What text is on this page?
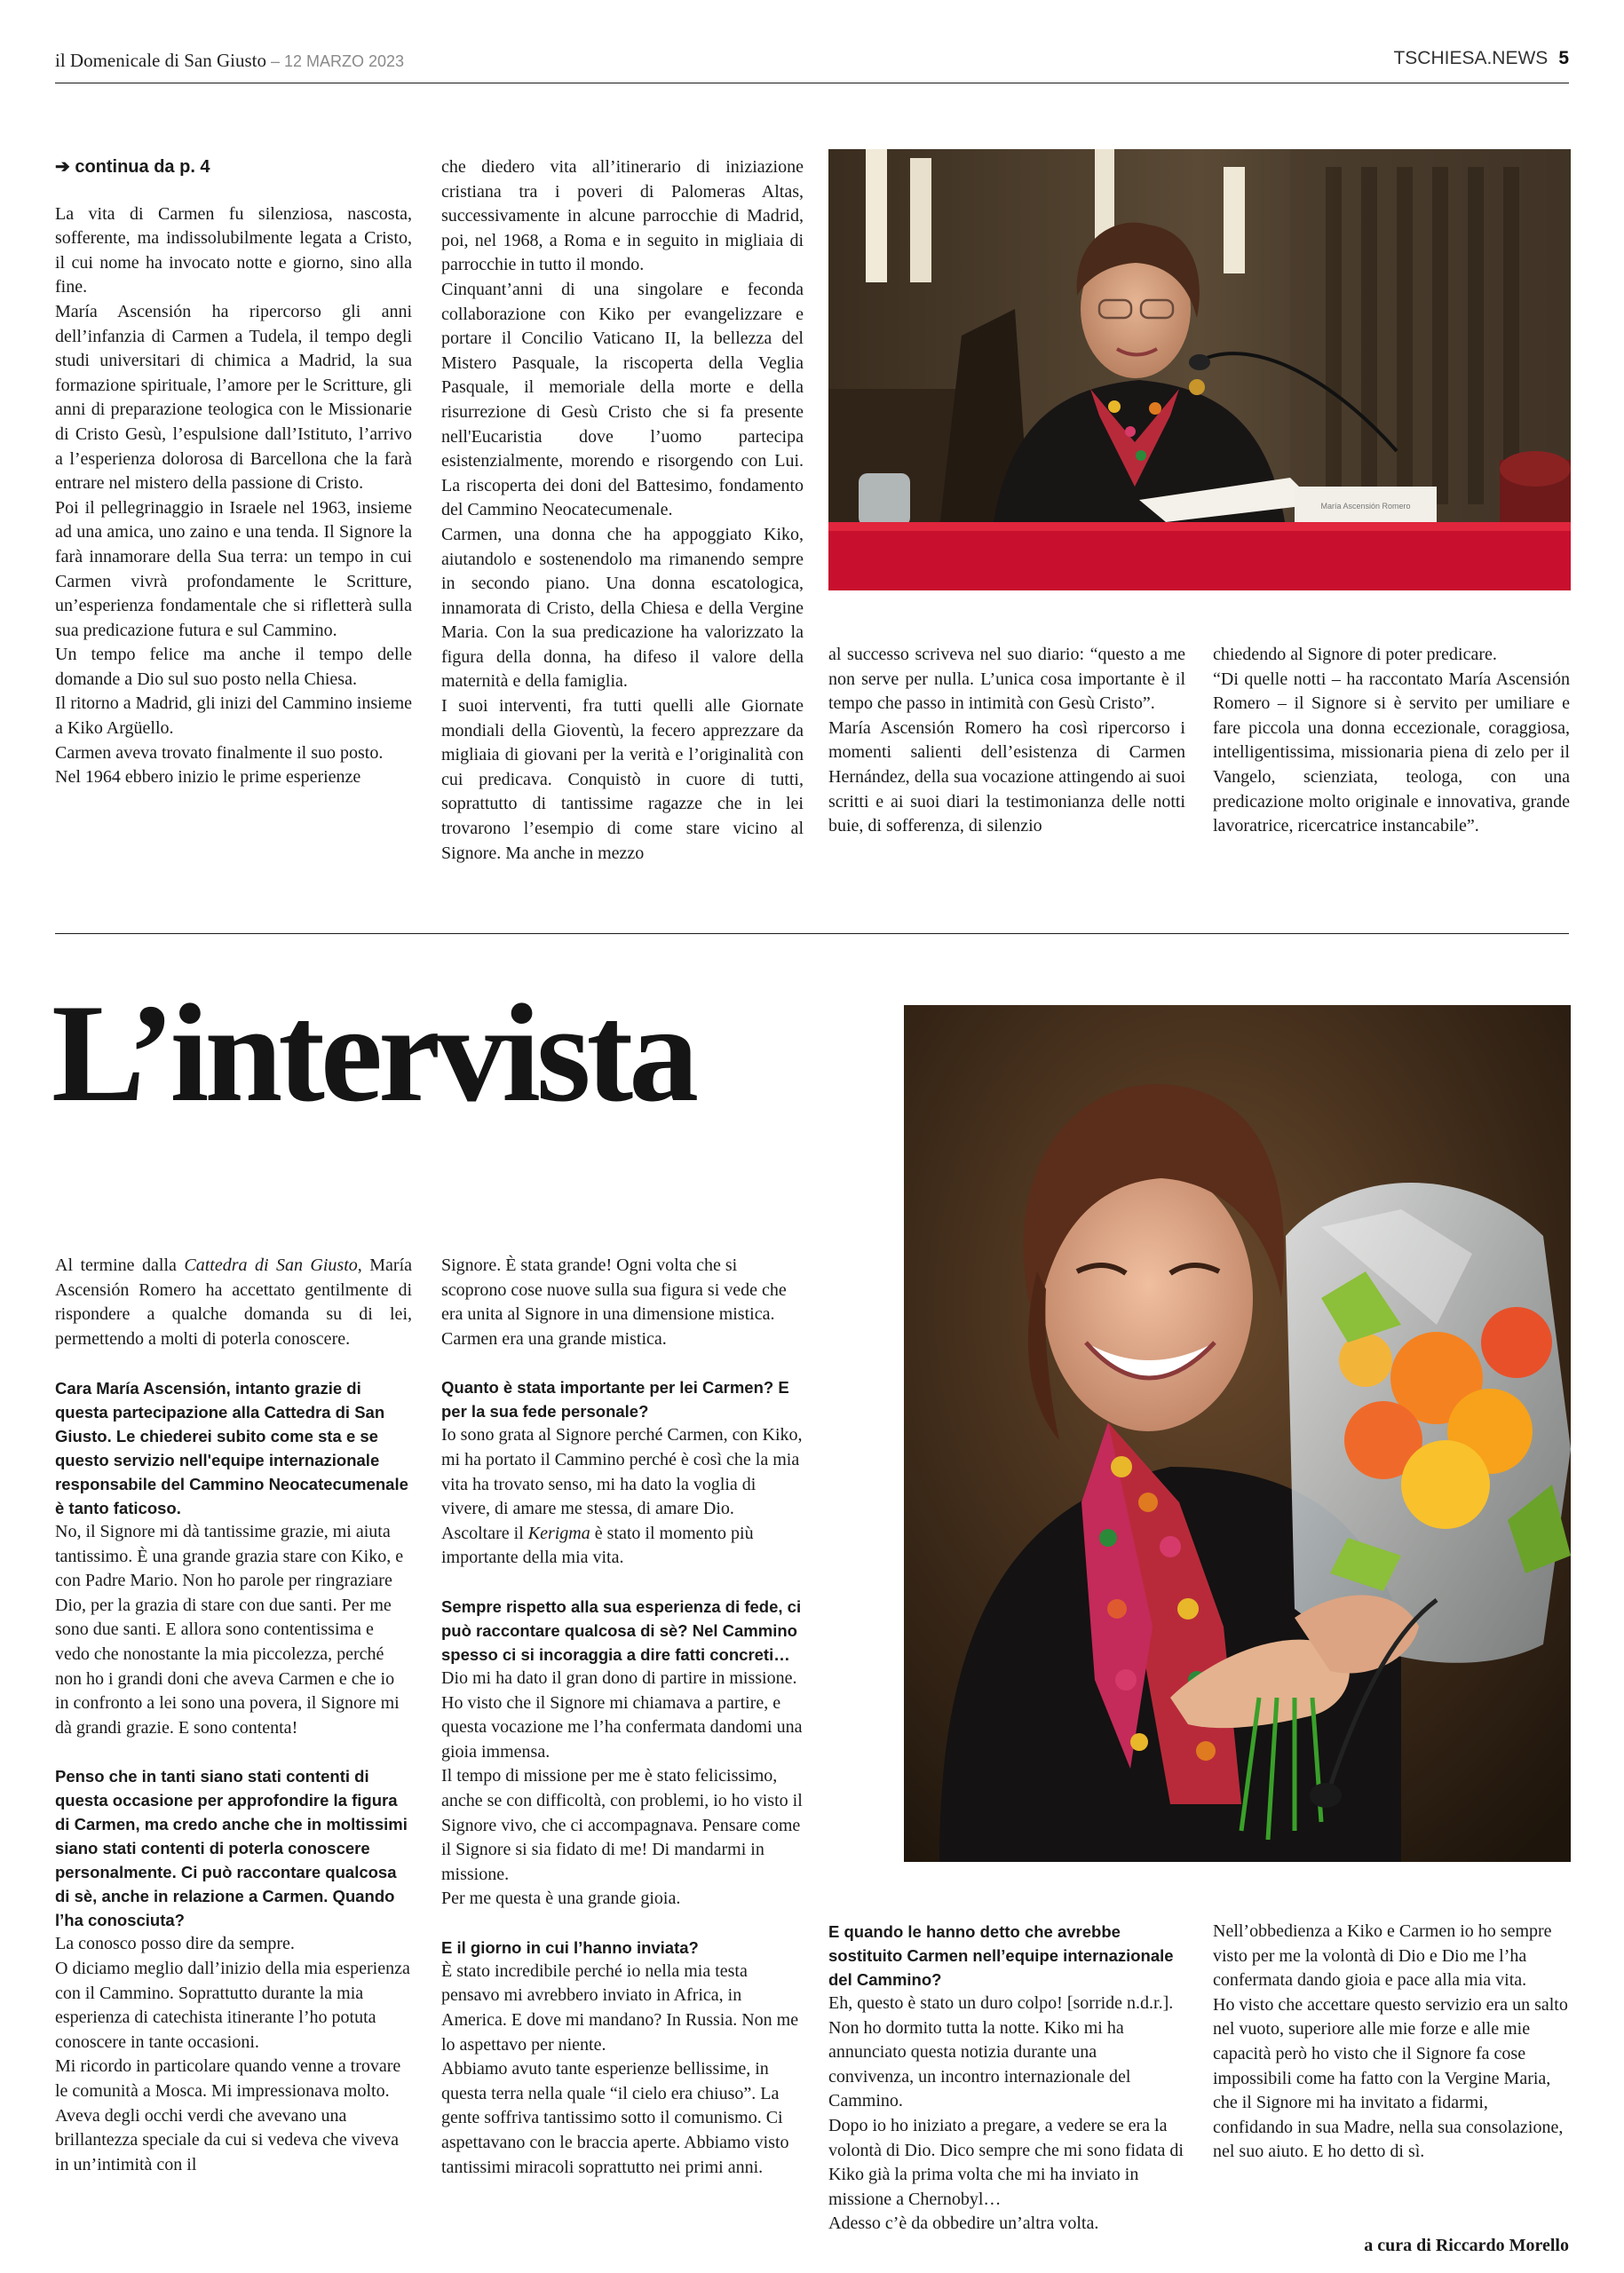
il Domenicale di San Giusto – 12 MARZO 2023	TSCHIESA.NEWS 5

➔ continua da p. 4

La vita di Carmen fu silenziosa, nascosta, sofferente, ma indissolubilmente legata a Cristo, il cui nome ha invocato notte e giorno, sino alla fine.

María Ascensión ha ripercorso gli anni dell’infanzia di Carmen a Tudela, il tempo degli studi universitari di chimica a Madrid, la sua formazione spirituale, l’amore per le Scritture, gli anni di preparazione teologica con le Missionarie di Cristo Gesù, l’espulsione dall’Istituto, l’arrivo a l’esperienza dolorosa di Barcellona che la farà entrare nel mistero della passione di Cristo.

Poi il pellegrinaggio in Israele nel 1963, insieme ad una amica, uno zaino e una tenda. Il Signore la farà innamorare della Sua terra: un tempo in cui Carmen vivrà profondamente le Scritture, un’esperienza fondamentale che si rifletterà sulla sua predicazione futura e sul Cammino.

Un tempo felice ma anche il tempo delle domande a Dio sul suo posto nella Chiesa.

Il ritorno a Madrid, gli inizi del Cammino insieme a Kiko Argüello.

Carmen aveva trovato finalmente il suo posto.

Nel 1964 ebbero inizio le prime esperienze

che diedero vita all’itinerario di iniziazione cristiana tra i poveri di Palomeras Altas, successivamente in alcune parrocchie di Madrid, poi, nel 1968, a Roma e in seguito in migliaia di parrocchie in tutto il mondo.

Cinquant’anni di una singolare e feconda collaborazione con Kiko per evangelizzare e portare il Concilio Vaticano II, la bellezza del Mistero Pasquale, la riscoperta della Veglia Pasquale, il memoriale della morte e della risurrezione di Gesù Cristo che si fa presente nell'Eucaristia dove l’uomo partecipa esistenzialmente, morendo e risorgendo con Lui. La riscoperta dei doni del Battesimo, fondamento del Cammino Neocatecumenale.

Carmen, una donna che ha appoggiato Kiko, aiutandolo e sostenendolo ma rimanendo sempre in secondo piano. Una donna escatologica, innamorata di Cristo, della Chiesa e della Vergine Maria. Con la sua predicazione ha valorizzato la figura della donna, ha difeso il valore della maternità e della famiglia.

I suoi interventi, fra tutti quelli alle Giornate mondiali della Gioventù, la fecero apprezzare da migliaia di giovani per la verità e l’originalità con cui predicava. Conquistò in cuore di tutti, soprattutto di tantissime ragazze che in lei trovarono l’esempio di come stare vicino al Signore. Ma anche in mezzo

María Ascensión Romero

al successo scriveva nel suo diario: “questo a me non serve per nulla. L’unica cosa importante è il tempo che passo in intimità con Gesù Cristo”.

María Ascensión Romero ha così ripercorso i momenti salienti dell’esistenza di Carmen Hernández, della sua vocazione attingendo ai suoi scritti e ai suoi diari la testimonianza delle notti buie, di sofferenza, di silenzio

chiedendo al Signore di poter predicare.

“Di quelle notti – ha raccontato María Ascensión Romero – il Signore si è servito per umiliare e fare piccola una donna eccezionale, coraggiosa, intelligentissima, missionaria piena di zelo per il Vangelo, scienziata, teologa, con una predicazione molto originale e innovativa, grande lavoratrice, ricercatrice instancabile”.

L’intervista
Al termine dalla Cattedra di San Giusto, María Ascensión Romero ha accettato gentilmente di rispondere a qualche domanda su di lei, permettendo a molti di poterla conoscere.

Cara María Ascensión, intanto grazie di questa partecipazione alla Cattedra di San Giusto. Le chiederei subito come sta e se questo servizio nell'equipe internazionale responsabile del Cammino Neocatecumenale è tanto faticoso.

No, il Signore mi dà tantissime grazie, mi aiuta tantissimo. È una grande grazia stare con Kiko, e con Padre Mario. Non ho parole per ringraziare Dio, per la grazia di stare con due santi. Per me sono due santi. E allora sono contentissima e vedo che nonostante la mia piccolezza, perché non ho i grandi doni che aveva Carmen e che io in confronto a lei sono una povera, il Signore mi dà grandi grazie. E sono contenta!

Penso che in tanti siano stati contenti di questa occasione per approfondire la figura di Carmen, ma credo anche che in moltissimi siano stati contenti di poterla conoscere personalmente. Ci può raccontare qualcosa di sè, anche in relazione a Carmen. Quando l’ha conosciuta?

La conosco posso dire da sempre.

O diciamo meglio dall’inizio della mia esperienza con il Cammino. Soprattutto durante la mia esperienza di catechista itinerante l’ho potuta conoscere in tante occasioni.

Mi ricordo in particolare quando venne a trovare le comunità a Mosca. Mi impressionava molto. Aveva degli occhi verdi che avevano una brillantezza speciale da cui si vedeva che viveva in un’intimità con il

Signore. È stata grande! Ogni volta che si scoprono cose nuove sulla sua figura si vede che era unita al Signore in una dimensione mistica. Carmen era una grande mistica.

Quanto è stata importante per lei Carmen? E per la sua fede personale?

Io sono grata al Signore perché Carmen, con Kiko, mi ha portato il Cammino perché è così che la mia vita ha trovato senso, mi ha dato la voglia di vivere, di amare me stessa, di amare Dio. Ascoltare il Kerigma è stato il momento più importante della mia vita.

Sempre rispetto alla sua esperienza di fede, ci può raccontare qualcosa di sè? Nel Cammino spesso ci si incoraggia a dire fatti concreti…

Dio mi ha dato il gran dono di partire in missione. Ho visto che il Signore mi chiamava a partire, e questa vocazione me l’ha confermata dandomi una gioia immensa.

Il tempo di missione per me è stato felicissimo, anche se con difficoltà, con problemi, io ho visto il Signore vivo, che ci accompagnava. Pensare come il Signore si sia fidato di me! Di mandarmi in missione.

Per me questa è una grande gioia.

E il giorno in cui l’hanno inviata?

È stato incredibile perché io nella mia testa pensavo mi avrebbero inviato in Africa, in America. E dove mi mandano? In Russia. Non me lo aspettavo per niente.

Abbiamo avuto tante esperienze bellissime, in questa terra nella quale “il cielo era chiuso”. La gente soffriva tantissimo sotto il comunismo. Ci aspettavano con le braccia aperte. Abbiamo visto tantissimi miracoli soprattutto nei primi anni.

E quando le hanno detto che avrebbe sostituito Carmen nell’equipe internazionale del Cammino?

Eh, questo è stato un duro colpo! [sorride n.d.r.]. Non ho dormito tutta la notte. Kiko mi ha annunciato questa notizia durante una convivenza, un incontro internazionale del Cammino.

Dopo io ho iniziato a pregare, a vedere se era la volontà di Dio. Dico sempre che mi sono fidata di Kiko già la prima volta che mi ha inviato in missione a Chernobyl…

Adesso c’è da obbedire un’altra volta.

Nell’obbedienza a Kiko e Carmen io ho sempre visto per me la volontà di Dio e Dio me l’ha confermata dando gioia e pace alla mia vita.

Ho visto che accettare questo servizio era un salto nel vuoto, superiore alle mie forze e alle mie capacità però ho visto che il Signore fa cose impossibili come ha fatto con la Vergine Maria, che il Signore mi ha invitato a fidarmi, confidando in sua Madre, nella sua consolazione, nel suo aiuto. E ho detto di sì.

a cura di Riccardo Morello
